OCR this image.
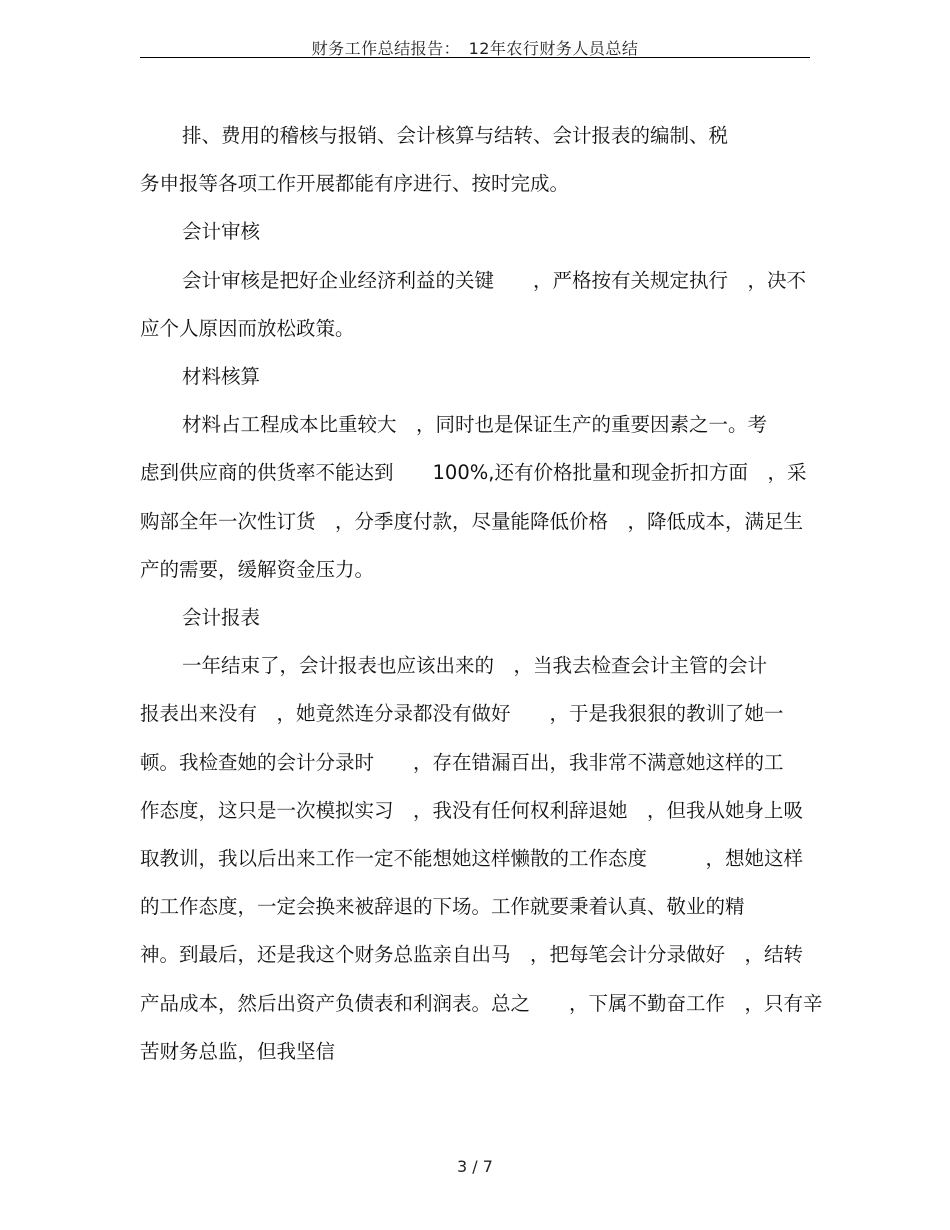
财务工作总结报告：　12年农行财务人员总结
排、费用的稽核与报销、会计核算与结转、会计报表的编制、税
务申报等各项工作开展都能有序进行、按时完成。
会计审核
会计审核是把好企业经济利益的关键　　，严格按有关规定执行　，决不
应个人原因而放松政策。
材料核算
材料占工程成本比重较大　，同时也是保证生产的重要因素之一。考
虑到供应商的供货率不能达到　　100%,还有价格批量和现金折扣方面　，采
购部全年一次性订货　，分季度付款，尽量能降低价格　，降低成本，满足生
产的需要，缓解资金压力。
会计报表
一年结束了，会计报表也应该出来的　，当我去检查会计主管的会计
报表出来没有　，她竟然连分录都没有做好　　，于是我狠狠的教训了她一
顿。我检查她的会计分录时　　，存在错漏百出，我非常不满意她这样的工
作态度，这只是一次模拟实习　，我没有任何权利辞退她　，但我从她身上吸
取教训，我以后出来工作一定不能想她这样懒散的工作态度　　　，想她这样
的工作态度，一定会换来被辞退的下场。工作就要秉着认真、敬业的精
神。到最后，还是我这个财务总监亲自出马　，把每笔会计分录做好　，结转
产品成本，然后出资产负债表和利润表。总之　　，下属不勤奋工作　，只有辛
苦财务总监，但我坚信
3 / 7
